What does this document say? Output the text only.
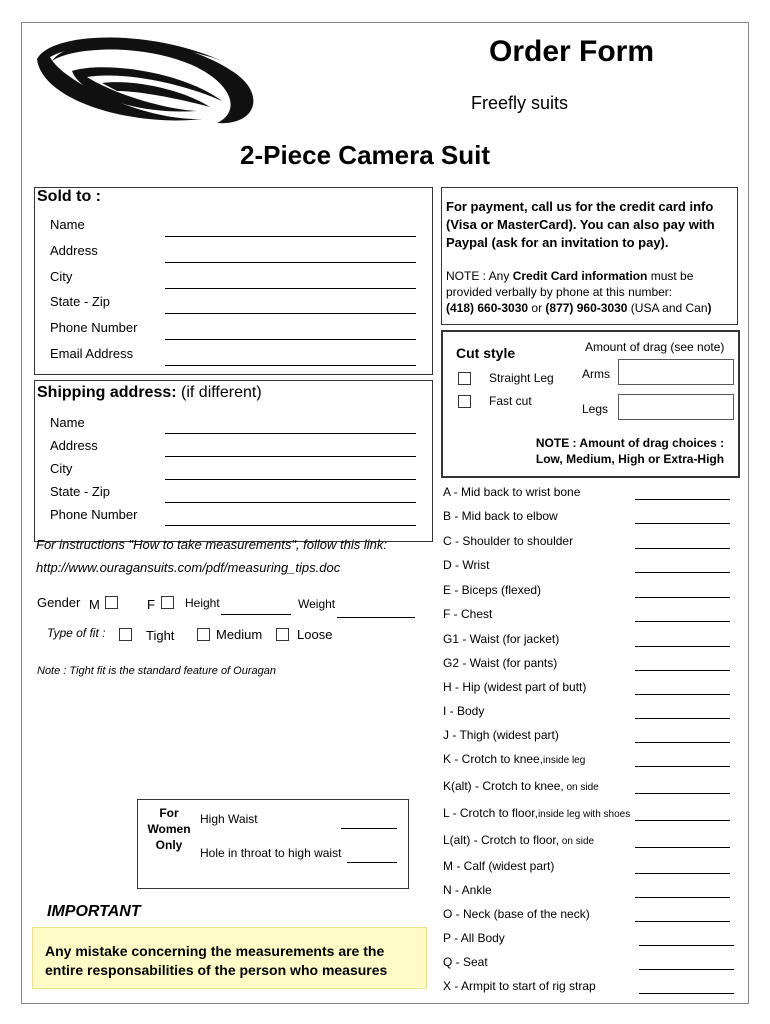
Order Form
Freefly suits
2-Piece Camera Suit
Sold to :
Name
Address
City
State - Zip
Phone Number
Email Address
Shipping address: (if different)
Name
Address
City
State - Zip
Phone Number
For payment, call us for the credit card info (Visa or MasterCard). You can also pay with Paypal (ask for an invitation to pay).
NOTE : Any Credit Card information must be provided verbally by phone at this number:
(418) 660-3030 or (877) 960-3030 (USA and Can)
Cut style	Amount of drag (see note)
Straight Leg
Fast cut
Arms
Legs
NOTE : Amount of drag choices : Low, Medium, High or Extra-High
For instructions "How to take measurements", follow this link:
http://www.ouragansuits.com/pdf/measuring_tips.doc
Gender M	F	Height	Weight
Type of fit :	Tight	Medium	Loose
Note : Tight fit is the standard feature of Ouragan
For Women Only
High Waist
Hole in throat to high waist
IMPORTANT
Any mistake concerning the measurements are the entire responsabilities of the person who measures
A - Mid back to wrist bone
B - Mid back to elbow
C - Shoulder to shoulder
D - Wrist
E - Biceps (flexed)
F - Chest
G1 - Waist (for jacket)
G2 - Waist (for pants)
H - Hip (widest part of butt)
I - Body
J - Thigh (widest part)
K - Crotch to knee,inside leg
K(alt) - Crotch to knee, on side
L - Crotch to floor,inside leg with shoes
L(alt) - Crotch to floor, on side
M - Calf (widest part)
N - Ankle
O - Neck (base of the neck)
P - All Body
Q - Seat
X - Armpit to start of rig strap
